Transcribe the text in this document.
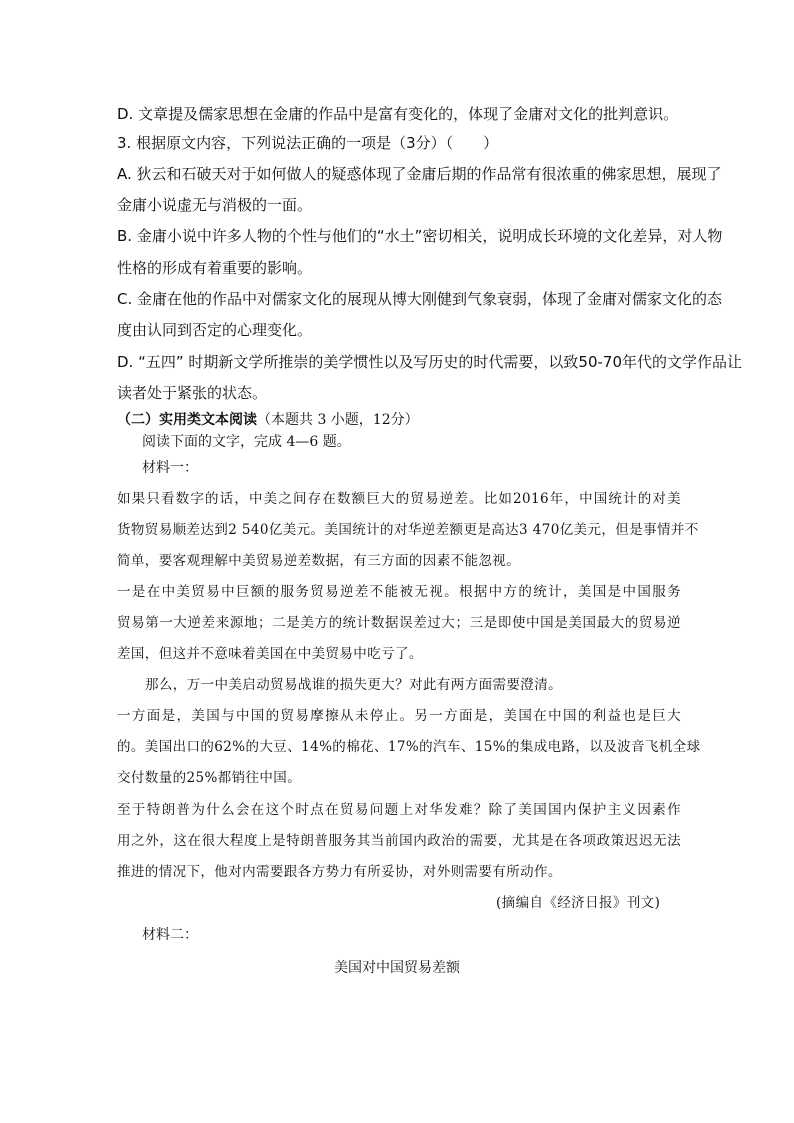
D. 文章提及儒家思想在金庸的作品中是富有变化的，体现了金庸对文化的批判意识。
3. 根据原文内容，下列说法正确的一项是（3分）（　　）
A. 狄云和石破天对于如何做人的疑惑体现了金庸后期的作品常有很浓重的佛家思想，展现了
金庸小说虚无与消极的一面。
B. 金庸小说中许多人物的个性与他们的“水土”密切相关，说明成长环境的文化差异，对人物
性格的形成有着重要的影响。
C. 金庸在他的作品中对儒家文化的展现从博大刚健到气象衰弱，体现了金庸对儒家文化的态
度由认同到否定的心理变化。
D. “五四” 时期新文学所推崇的美学惯性以及写历史的时代需要，以致50-70年代的文学作品让
读者处于紧张的状态。
（二）实用类文本阅读（本题共 3 小题，12分）
阅读下面的文字，完成 4—6 题。
材料一：
如果只看数字的话，中美之间存在数额巨大的贸易逆差。比如2016年，中国统计的对美
货物贸易顺差达到2 540亿美元。美国统计的对华逆差额更是高达3 470亿美元，但是事情并不
简单，要客观理解中美贸易逆差数据，有三方面的因素不能忽视。
一是在中美贸易中巨额的服务贸易逆差不能被无视。根据中方的统计，美国是中国服务
贸易第一大逆差来源地；二是美方的统计数据误差过大；三是即使中国是美国最大的贸易逆
差国，但这并不意味着美国在中美贸易中吃亏了。
那么，万一中美启动贸易战谁的损失更大？对此有两方面需要澄清。
一方面是，美国与中国的贸易摩擦从未停止。另一方面是，美国在中国的利益也是巨大
的。美国出口的62%的大豆、14%的棉花、17%的汽车、15%的集成电路，以及波音飞机全球
交付数量的25%都销往中国。
至于特朗普为什么会在这个时点在贸易问题上对华发难？除了美国国内保护主义因素作
用之外，这在很大程度上是特朗普服务其当前国内政治的需要，尤其是在各项政策迟迟无法
推进的情况下，他对内需要跟各方势力有所妥协，对外则需要有所动作。
(摘编自《经济日报》刊文)
材料二：
美国对中国贸易差额
